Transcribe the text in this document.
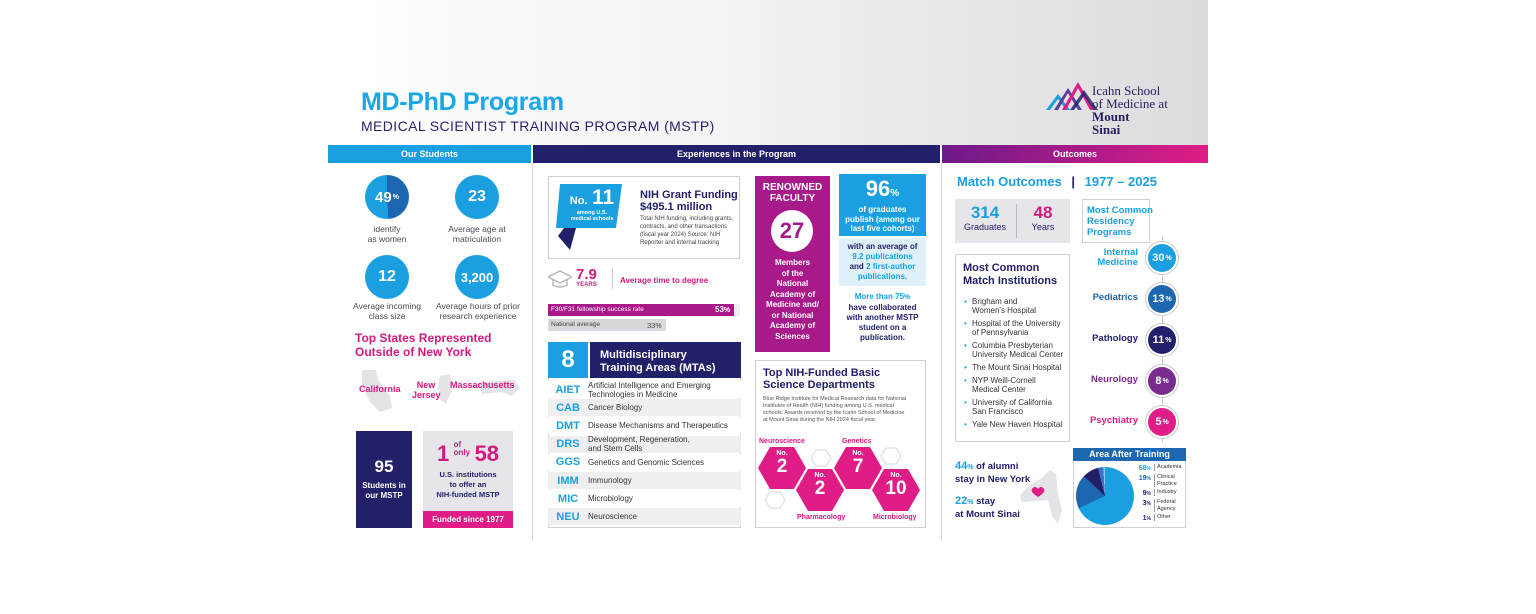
MD-PhD Program
MEDICAL SCIENTIST TRAINING PROGRAM (MSTP)
Icahn School
of Medicine at
Mount
Sinai
Our Students	Experiences in the Program	Outcomes
49 %
identify
as women
23
Average age at
matriculation
12
Average incoming
class size
3,200
Average hours of prior
research experience
Top States Represented
Outside of New York
California	New
Jersey
Massachusetts
95
Students in
our MSTP
1 of
only 58
U.S. institutions
to offer an
NIH-funded MSTP
Funded since 1977
No. 11
among U.S.
medical schools
NIH Grant Funding
$495.1 million
Total NIH funding, including grants,
contracts, and other transactions
(fiscal year 2024) Source: NIH
Reporter and internal tracking
7.9
YEARS	Average time to degree
F30/F31 fellowship success rate	53%
National average	33%
8	Multidisciplinary
Training Areas (MTAs)
AIET Artificial Intelligence and Emerging
Technologies in Medicine
CAB	Cancer Biology
DMT	Disease Mechanisms and Therapeutics
DRS	Development, Regeneration,
and Stem Cells
GGS Genetics and Genomic Sciences
IMM	Immunology
MIC	Microbiology
NEU	Neuroscience
RENOWNED
FACULTY
27
Members
of the
National
Academy of
Medicine and/
or National
Academy of
Sciences
96%
of graduates
publish (among our
last five cohorts)
with an average of
9.2 publications
and 2 first-author
publications.
More than 75%
have collaborated
with another MSTP
student on a
publication.
Top NIH-Funded Basic
Science Departments
Blue Ridge Institute for Medical Research data for National
Institutes of Health (NIH) funding among U.S. medical
schools. Awards received by the Icahn School of Medicine
at Mount Sinai during the NIH 2024 fiscal year.
Neuroscience	Genetics
Pharmacology	Microbiology
No.
2	No.
2
No.
7	No.
10
Match Outcomes | 1977 – 2025
314
Graduates
48
Years
Most Common
Match Institutions
• Brigham and
Women's Hospital
• Hospital of the University
of Pennsylvania
• Columbia Presbyterian
University Medical Center
• The Mount Sinai Hospital
• NYP Weill-Cornell
Medical Center
• University of California
San Francisco
• Yale New Haven Hospital
Most Common
Residency
Programs
Internal
Medicine 30 %
Pediatrics 13 %
Pathology 11 %
Neurology 8 %
Psychiatry 5 %
44% of alumni
stay in New York
22% stay
at Mount Sinai
Area After Training
68% Academia
19% Clinical
Practice
9% Industry
3% Federal
Agency
1% Other
